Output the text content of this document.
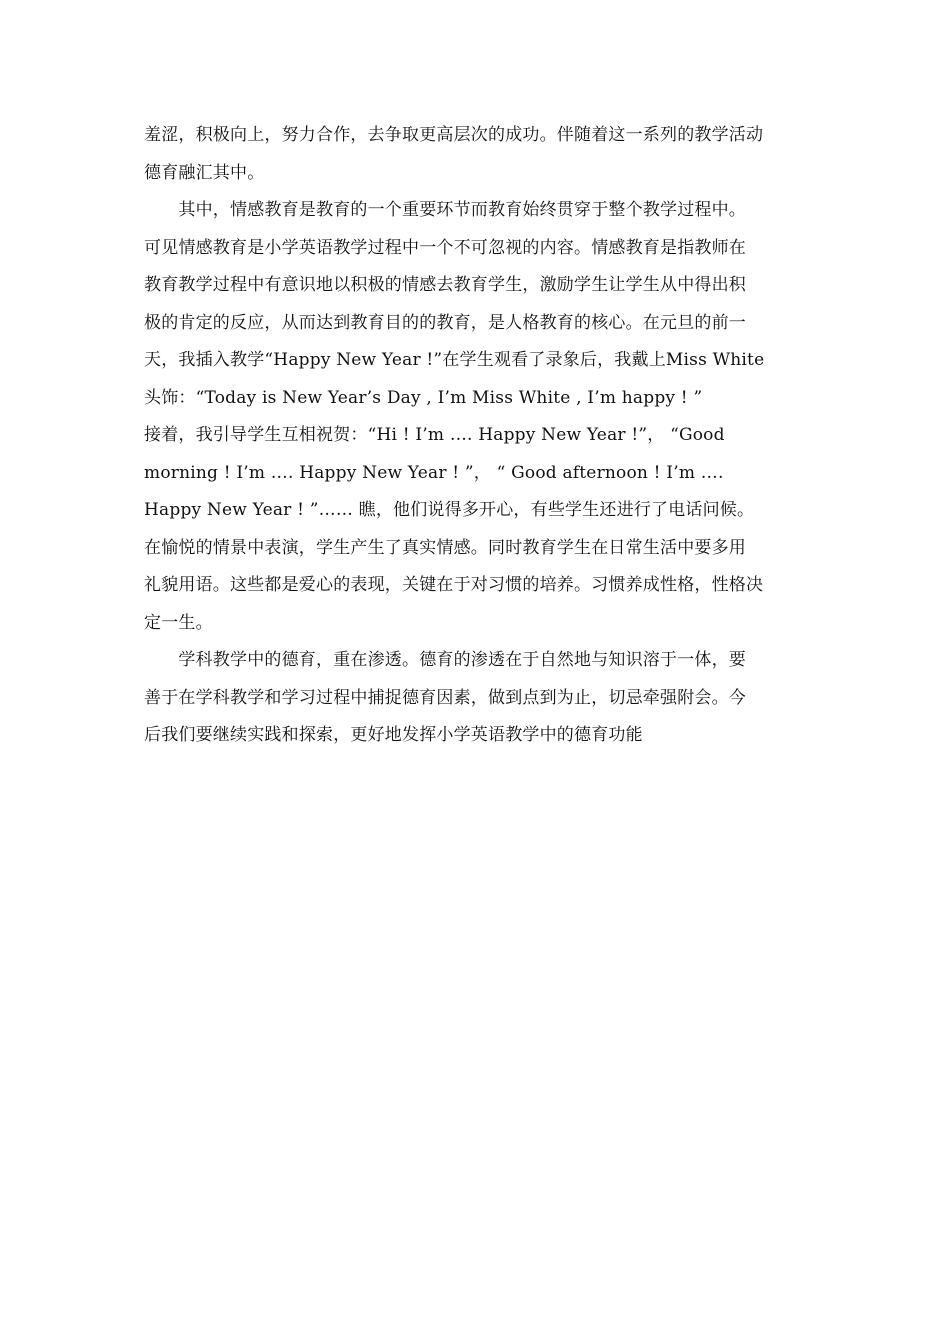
羞涩，积极向上，努力合作，去争取更高层次的成功。伴随着这一系列的教学活动
德育融汇其中。
　　其中，情感教育是教育的一个重要环节而教育始终贯穿于整个教学过程中。
可见情感教育是小学英语教学过程中一个不可忽视的内容。情感教育是指教师在
教育教学过程中有意识地以积极的情感去教育学生，激励学生让学生从中得出积
极的肯定的反应，从而达到教育目的的教育，是人格教育的核心。在元旦的前一
天，我插入教学“Happy New Year !”在学生观看了录象后，我戴上Miss White
头饰：“Today is New Year’s Day , I’m Miss White , I’m happy ! ”
接着，我引导学生互相祝贺：“Hi ! I’m …. Happy New Year !”， “Good
morning ! I’m …. Happy New Year ! ”， “ Good afternoon ! I’m ….
Happy New Year ! ”…… 瞧，他们说得多开心，有些学生还进行了电话问候。
在愉悦的情景中表演，学生产生了真实情感。同时教育学生在日常生活中要多用
礼貌用语。这些都是爱心的表现，关键在于对习惯的培养。习惯养成性格，性格决
定一生。
　　学科教学中的德育，重在渗透。德育的渗透在于自然地与知识溶于一体，要
善于在学科教学和学习过程中捕捉德育因素，做到点到为止，切忌牵强附会。今
后我们要继续实践和探索，更好地发挥小学英语教学中的德育功能
